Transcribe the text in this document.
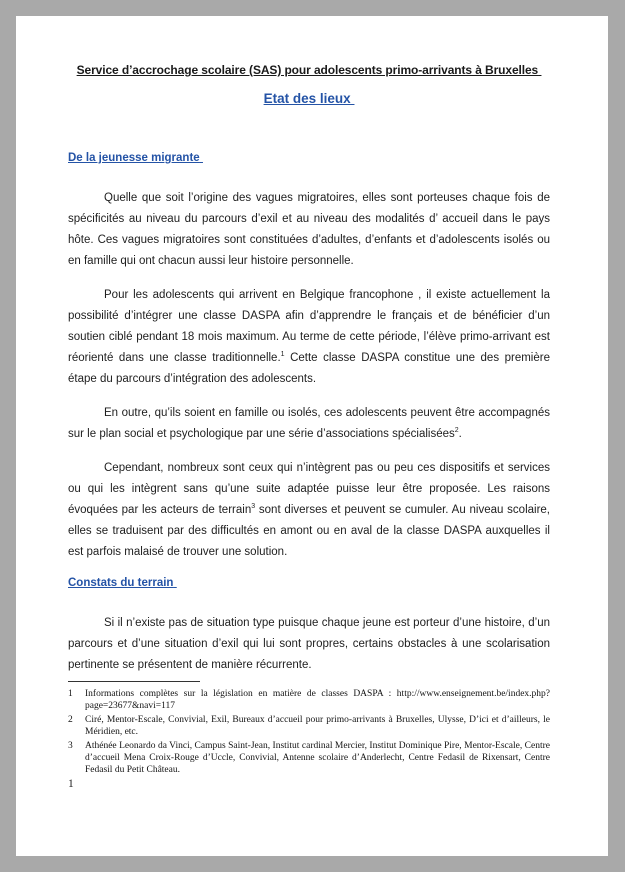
Service d’accrochage scolaire (SAS) pour adolescents primo-arrivants à Bruxelles
Etat des lieux
De la jeunesse migrante

Quelle que soit l’origine des vagues migratoires, elles sont porteuses chaque fois de spécificités au niveau du parcours d’exil et au niveau des modalités d’ accueil dans le pays hôte. Ces vagues migratoires sont constituées d’adultes, d’enfants et d’adolescents isolés ou en famille qui ont chacun aussi leur histoire personnelle.

Pour les adolescents qui arrivent en Belgique francophone , il existe actuellement la possibilité d’intégrer une classe DASPA afin d’apprendre le français et de bénéficier d’un soutien ciblé pendant 18 mois maximum. Au terme de cette période, l’élève primo-arrivant est réorienté dans une classe traditionnelle.$^1$ Cette classe DASPA constitue une des première étape du parcours d’intégration des adolescents.

En outre, qu’ils soient en famille ou isolés, ces adolescents peuvent être accompagnés sur le plan social et psychologique par une série d’associations spécialisées$^2$.

Cependant, nombreux sont ceux qui n’intègrent pas ou peu ces dispositifs et services ou qui les intègrent sans qu’une suite adaptée puisse leur être proposée. Les raisons évoquées par les acteurs de terrain$^3$ sont diverses et peuvent se cumuler. Au niveau scolaire, elles se traduisent par des difficultés en amont ou en aval de la classe DASPA auxquelles il est parfois malaisé de trouver une solution.

Constats du terrain

Si il n’existe pas de situation type puisque chaque jeune est porteur d’une histoire, d’un parcours et d’une situation d’exil qui lui sont propres, certains obstacles à une scolarisation pertinente se présentent de manière récurrente.

1	Informations complètes sur la législation en matière de classes DASPA : http://www.enseignement.be/index.php?page=23677&navi=117
2	Ciré, Mentor-Escale, Convivial, Exil, Bureaux d’accueil pour primo-arrivants à Bruxelles, Ulysse, D’ici et d’ailleurs, le Méridien, etc.
3	Athénée Leonardo da Vinci, Campus Saint-Jean, Institut cardinal Mercier, Institut Dominique Pire, Mentor-Escale, Centre d’accueil Mena Croix-Rouge d’Uccle, Convivial, Antenne scolaire d’Anderlecht, Centre Fedasil de Rixensart, Centre Fedasil du Petit Château.
1
